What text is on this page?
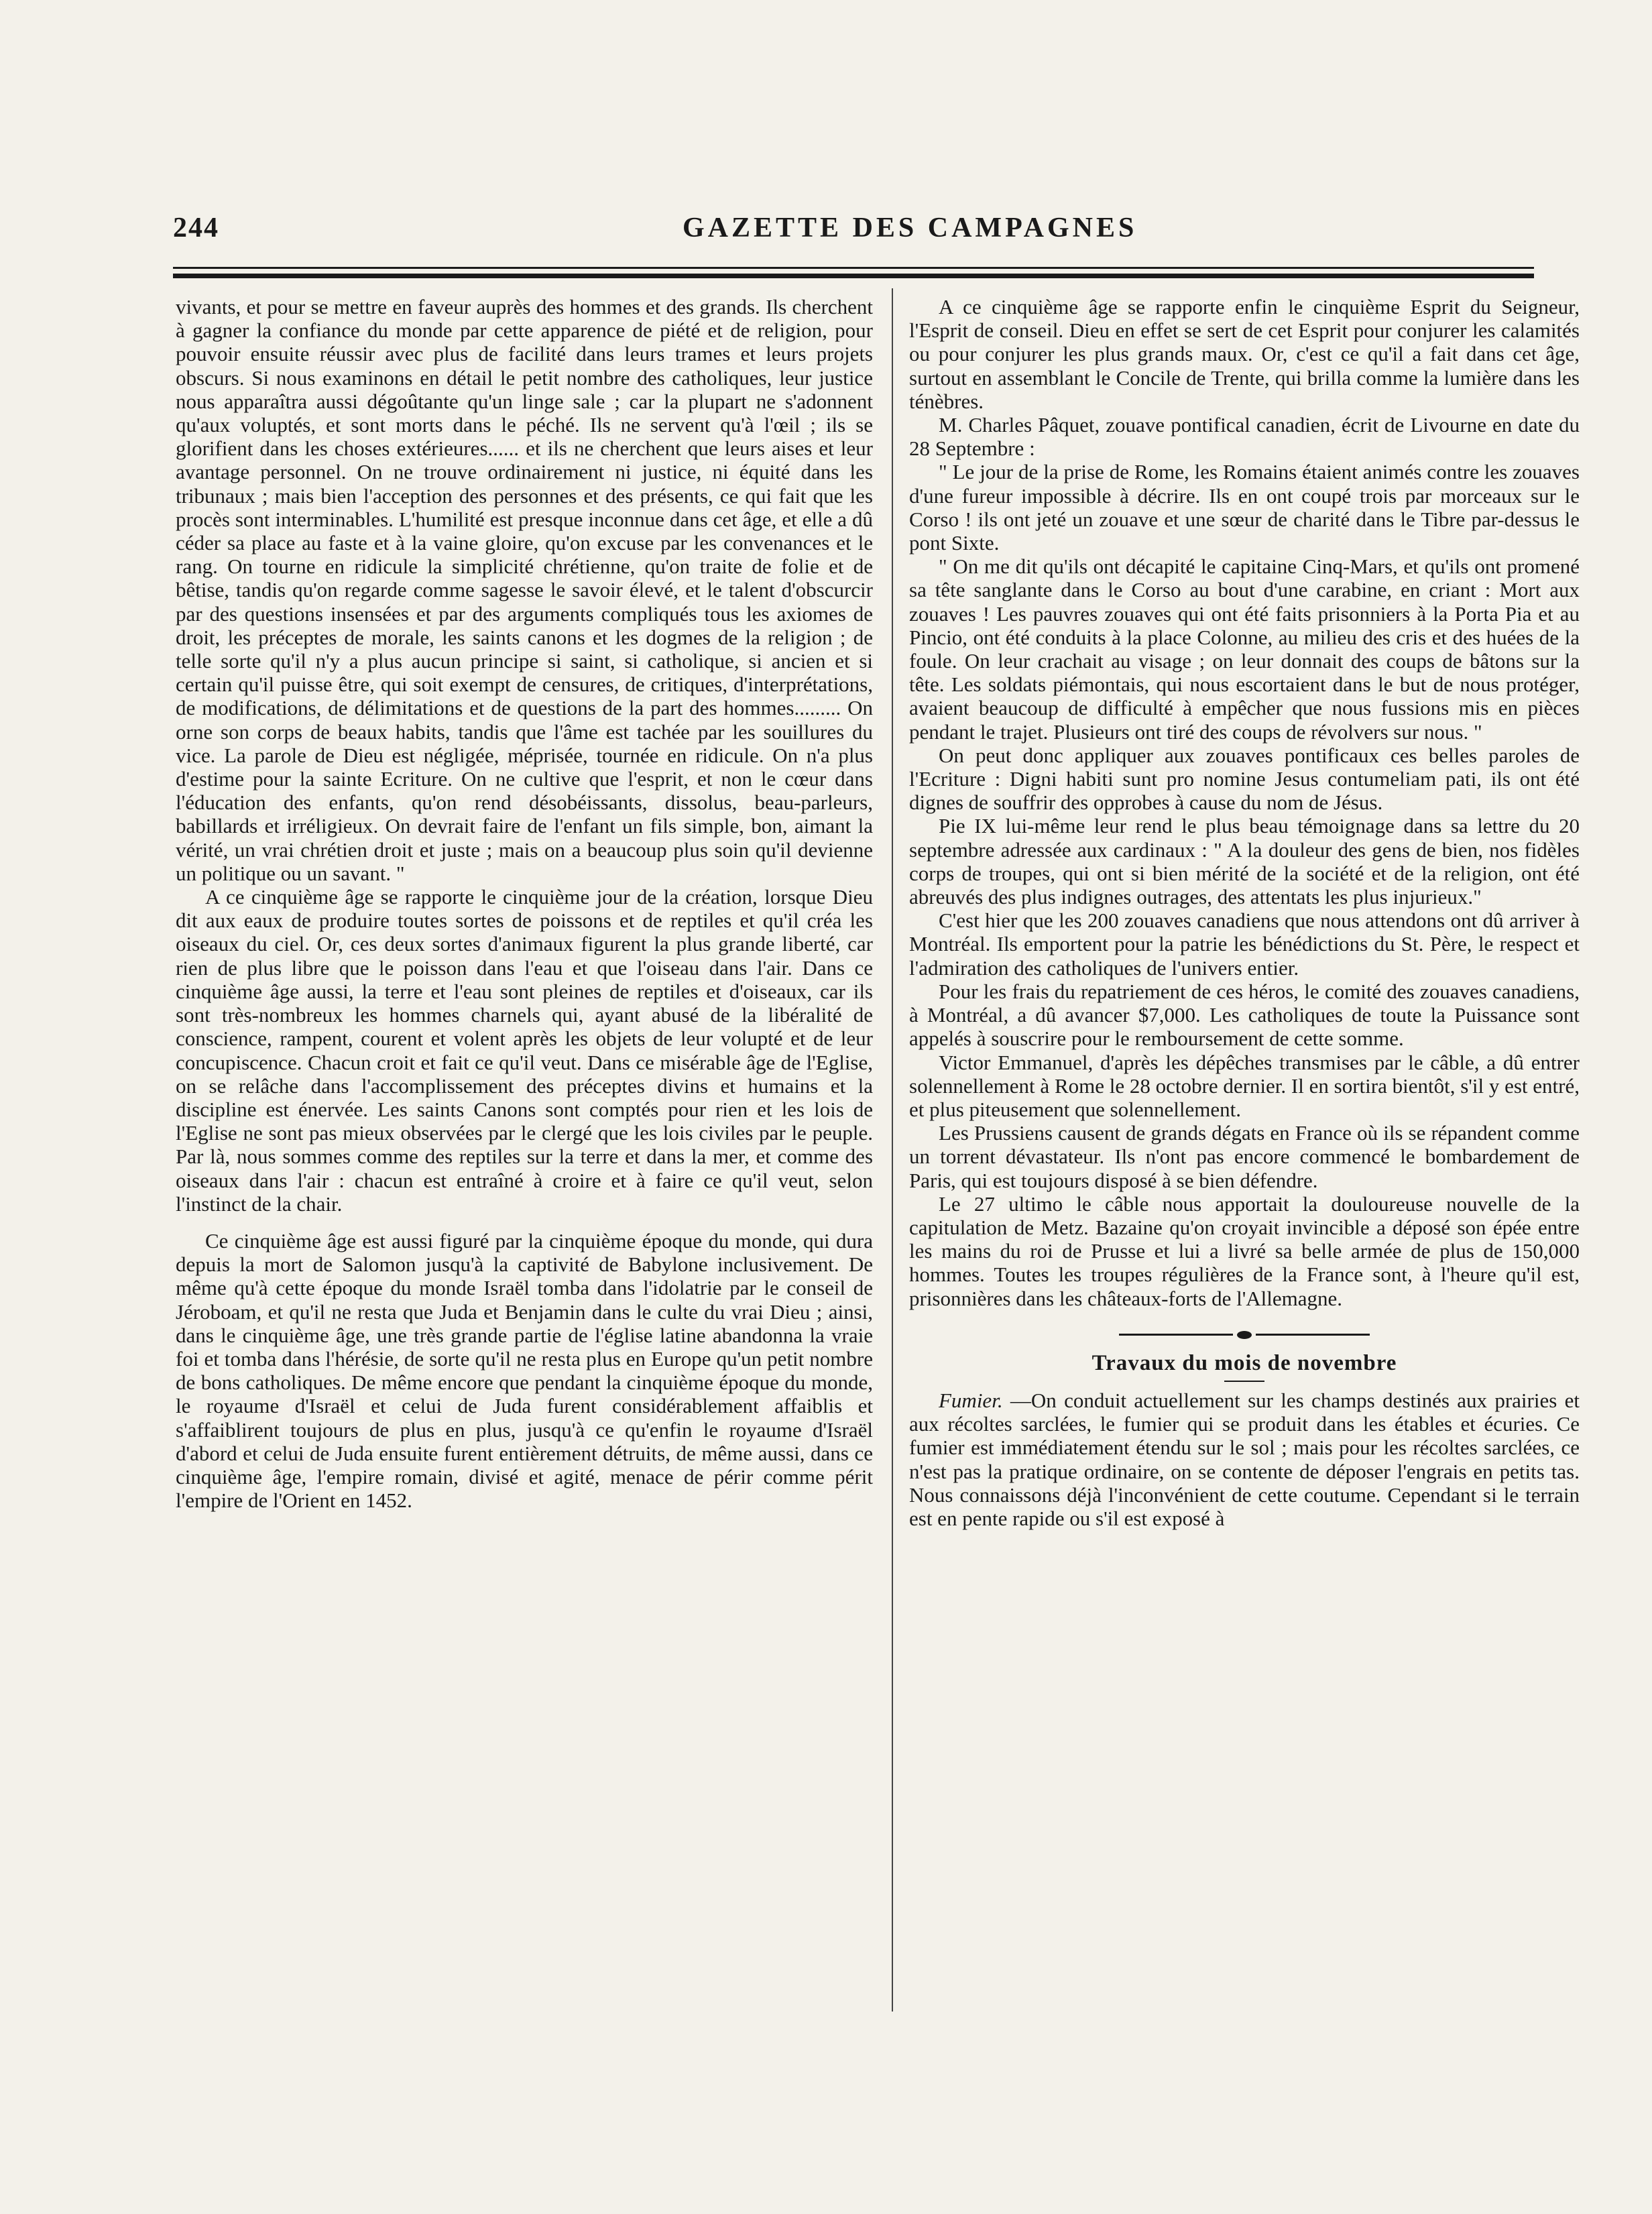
244	GAZETTE DES CAMPAGNES

vivants, et pour se mettre en faveur auprès des hommes et des grands. Ils cherchent à gagner la confiance du monde par cette apparence de piété et de religion, pour pouvoir ensuite réussir avec plus de facilité dans leurs trames et leurs projets obscurs. Si nous examinons en détail le petit nombre des catholiques, leur justice nous apparaîtra aussi dégoûtante qu'un linge sale ; car la plupart ne s'adonnent qu'aux voluptés, et sont morts dans le péché. Ils ne servent qu'à l'œil ; ils se glorifient dans les choses extérieures...... et ils ne cherchent que leurs aises et leur avantage personnel. On ne trouve ordinairement ni justice, ni équité dans les tribunaux ; mais bien l'acception des personnes et des présents, ce qui fait que les procès sont interminables. L'humilité est presque inconnue dans cet âge, et elle a dû céder sa place au faste et à la vaine gloire, qu'on excuse par les convenances et le rang. On tourne en ridicule la simplicité chrétienne, qu'on traite de folie et de bêtise, tandis qu'on regarde comme sagesse le savoir élevé, et le talent d'obscurcir par des questions insensées et par des arguments compliqués tous les axiomes de droit, les préceptes de morale, les saints canons et les dogmes de la religion ; de telle sorte qu'il n'y a plus aucun principe si saint, si catholique, si ancien et si certain qu'il puisse être, qui soit exempt de censures, de critiques, d'interprétations, de modifications, de délimitations et de questions de la part des hommes......... On orne son corps de beaux habits, tandis que l'âme est tachée par les souillures du vice. La parole de Dieu est négligée, méprisée, tournée en ridicule. On n'a plus d'estime pour la sainte Ecriture. On ne cultive que l'esprit, et non le cœur dans l'éducation des enfants, qu'on rend désobéissants, dissolus, beau-parleurs, babillards et irréligieux. On devrait faire de l'enfant un fils simple, bon, aimant la vérité, un vrai chrétien droit et juste ; mais on a beaucoup plus soin qu'il devienne un politique ou un savant. "

A ce cinquième âge se rapporte le cinquième jour de la création, lorsque Dieu dit aux eaux de produire toutes sortes de poissons et de reptiles et qu'il créa les oiseaux du ciel. Or, ces deux sortes d'animaux figurent la plus grande liberté, car rien de plus libre que le poisson dans l'eau et que l'oiseau dans l'air. Dans ce cinquième âge aussi, la terre et l'eau sont pleines de reptiles et d'oiseaux, car ils sont très-nombreux les hommes charnels qui, ayant abusé de la libéralité de conscience, rampent, courent et volent après les objets de leur volupté et de leur concupiscence. Chacun croit et fait ce qu'il veut. Dans ce misérable âge de l'Eglise, on se relâche dans l'accomplissement des préceptes divins et humains et la discipline est énervée. Les saints Canons sont comptés pour rien et les lois de l'Eglise ne sont pas mieux observées par le clergé que les lois civiles par le peuple. Par là, nous sommes comme des reptiles sur la terre et dans la mer, et comme des oiseaux dans l'air : chacun est entraîné à croire et à faire ce qu'il veut, selon l'instinct de la chair.

Ce cinquième âge est aussi figuré par la cinquième époque du monde, qui dura depuis la mort de Salomon jusqu'à la captivité de Babylone inclusivement. De même qu'à cette époque du monde Israël tomba dans l'idolatrie par le conseil de Jéroboam, et qu'il ne resta que Juda et Benjamin dans le culte du vrai Dieu ; ainsi, dans le cinquième âge, une très grande partie de l'église latine abandonna la vraie foi et tomba dans l'hérésie, de sorte qu'il ne resta plus en Europe qu'un petit nombre de bons catholiques. De même encore que pendant la cinquième époque du monde, le royaume d'Israël et celui de Juda furent considérablement affaiblis et s'affaiblirent toujours de plus en plus, jusqu'à ce qu'enfin le royaume d'Israël d'abord et celui de Juda ensuite furent entièrement détruits, de même aussi, dans ce cinquième âge, l'empire romain, divisé et agité, menace de périr comme périt l'empire de l'Orient en 1452.

A ce cinquième âge se rapporte enfin le cinquième Esprit du Seigneur, l'Esprit de conseil. Dieu en effet se sert de cet Esprit pour conjurer les calamités ou pour conjurer les plus grands maux. Or, c'est ce qu'il a fait dans cet âge, surtout en assemblant le Concile de Trente, qui brilla comme la lumière dans les ténèbres.

M. Charles Pâquet, zouave pontifical canadien, écrit de Livourne en date du 28 Septembre :

" Le jour de la prise de Rome, les Romains étaient animés contre les zouaves d'une fureur impossible à décrire. Ils en ont coupé trois par morceaux sur le Corso ! ils ont jeté un zouave et une sœur de charité dans le Tibre par-dessus le pont Sixte.

" On me dit qu'ils ont décapité le capitaine Cinq-Mars, et qu'ils ont promené sa tête sanglante dans le Corso au bout d'une carabine, en criant : Mort aux zouaves ! Les pauvres zouaves qui ont été faits prisonniers à la Porta Pia et au Pincio, ont été conduits à la place Colonne, au milieu des cris et des huées de la foule. On leur crachait au visage ; on leur donnait des coups de bâtons sur la tête. Les soldats piémontais, qui nous escortaient dans le but de nous protéger, avaient beaucoup de difficulté à empêcher que nous fussions mis en pièces pendant le trajet. Plusieurs ont tiré des coups de révolvers sur nous. "

On peut donc appliquer aux zouaves pontificaux ces belles paroles de l'Ecriture : Digni habiti sunt pro nomine Jesus contumeliam pati, ils ont été dignes de souffrir des opprobes à cause du nom de Jésus.

Pie IX lui-même leur rend le plus beau témoignage dans sa lettre du 20 septembre adressée aux cardinaux : " A la douleur des gens de bien, nos fidèles corps de troupes, qui ont si bien mérité de la société et de la religion, ont été abreuvés des plus indignes outrages, des attentats les plus injurieux."

C'est hier que les 200 zouaves canadiens que nous attendons ont dû arriver à Montréal. Ils emportent pour la patrie les bénédictions du St. Père, le respect et l'admiration des catholiques de l'univers entier.

Pour les frais du repatriement de ces héros, le comité des zouaves canadiens, à Montréal, a dû avancer $7,000. Les catholiques de toute la Puissance sont appelés à souscrire pour le remboursement de cette somme.

Victor Emmanuel, d'après les dépêches transmises par le câble, a dû entrer solennellement à Rome le 28 octobre dernier. Il en sortira bientôt, s'il y est entré, et plus piteusement que solennellement.

Les Prussiens causent de grands dégats en France où ils se répandent comme un torrent dévastateur. Ils n'ont pas encore commencé le bombardement de Paris, qui est toujours disposé à se bien défendre.

Le 27 ultimo le câble nous apportait la douloureuse nouvelle de la capitulation de Metz. Bazaine qu'on croyait invincible a déposé son épée entre les mains du roi de Prusse et lui a livré sa belle armée de plus de 150,000 hommes. Toutes les troupes régulières de la France sont, à l'heure qu'il est, prisonnières dans les châteaux-forts de l'Allemagne.

Travaux du mois de novembre

Fumier. —On conduit actuellement sur les champs destinés aux prairies et aux récoltes sarclées, le fumier qui se produit dans les étables et écuries. Ce fumier est immédiatement étendu sur le sol ; mais pour les récoltes sarclées, ce n'est pas la pratique ordinaire, on se contente de déposer l'engrais en petits tas. Nous connaissons déjà l'inconvénient de cette coutume. Cependant si le terrain est en pente rapide ou s'il est exposé à
